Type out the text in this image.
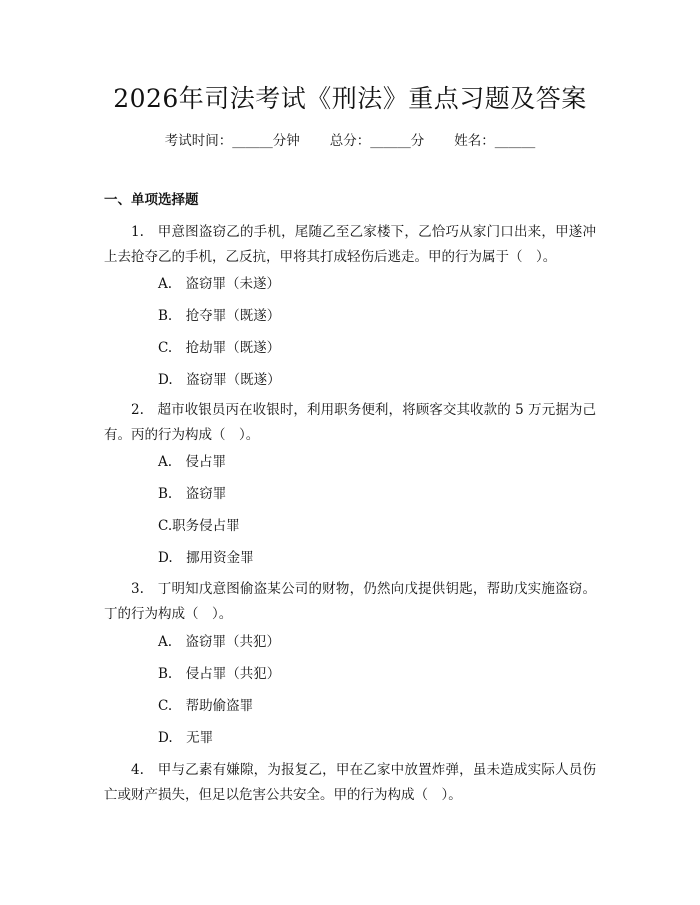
2026年司法考试《刑法》重点习题及答案
考试时间：______分钟 总分：______分 姓名：______
一、单项选择题
1.　甲意图盗窃乙的手机，尾随乙至乙家楼下，乙恰巧从家门口出来，甲遂冲上去抢夺乙的手机，乙反抗，甲将其打成轻伤后逃走。甲的行为属于（　）。
A.　盗窃罪（未遂）
B.　抢夺罪（既遂）
C.　抢劫罪（既遂）
D.　盗窃罪（既遂）
2.　超市收银员丙在收银时，利用职务便利，将顾客交其收款的 5 万元据为己有。丙的行为构成（　）。
A.　侵占罪
B.　盗窃罪
C.职务侵占罪
D.　挪用资金罪
3.　丁明知戊意图偷盗某公司的财物，仍然向戊提供钥匙，帮助戊实施盗窃。丁的行为构成（　）。
A.　盗窃罪（共犯）
B.　侵占罪（共犯）
C.　帮助偷盗罪
D.　无罪
4.　甲与乙素有嫌隙，为报复乙，甲在乙家中放置炸弹，虽未造成实际人员伤亡或财产损失，但足以危害公共安全。甲的行为构成（　）。
